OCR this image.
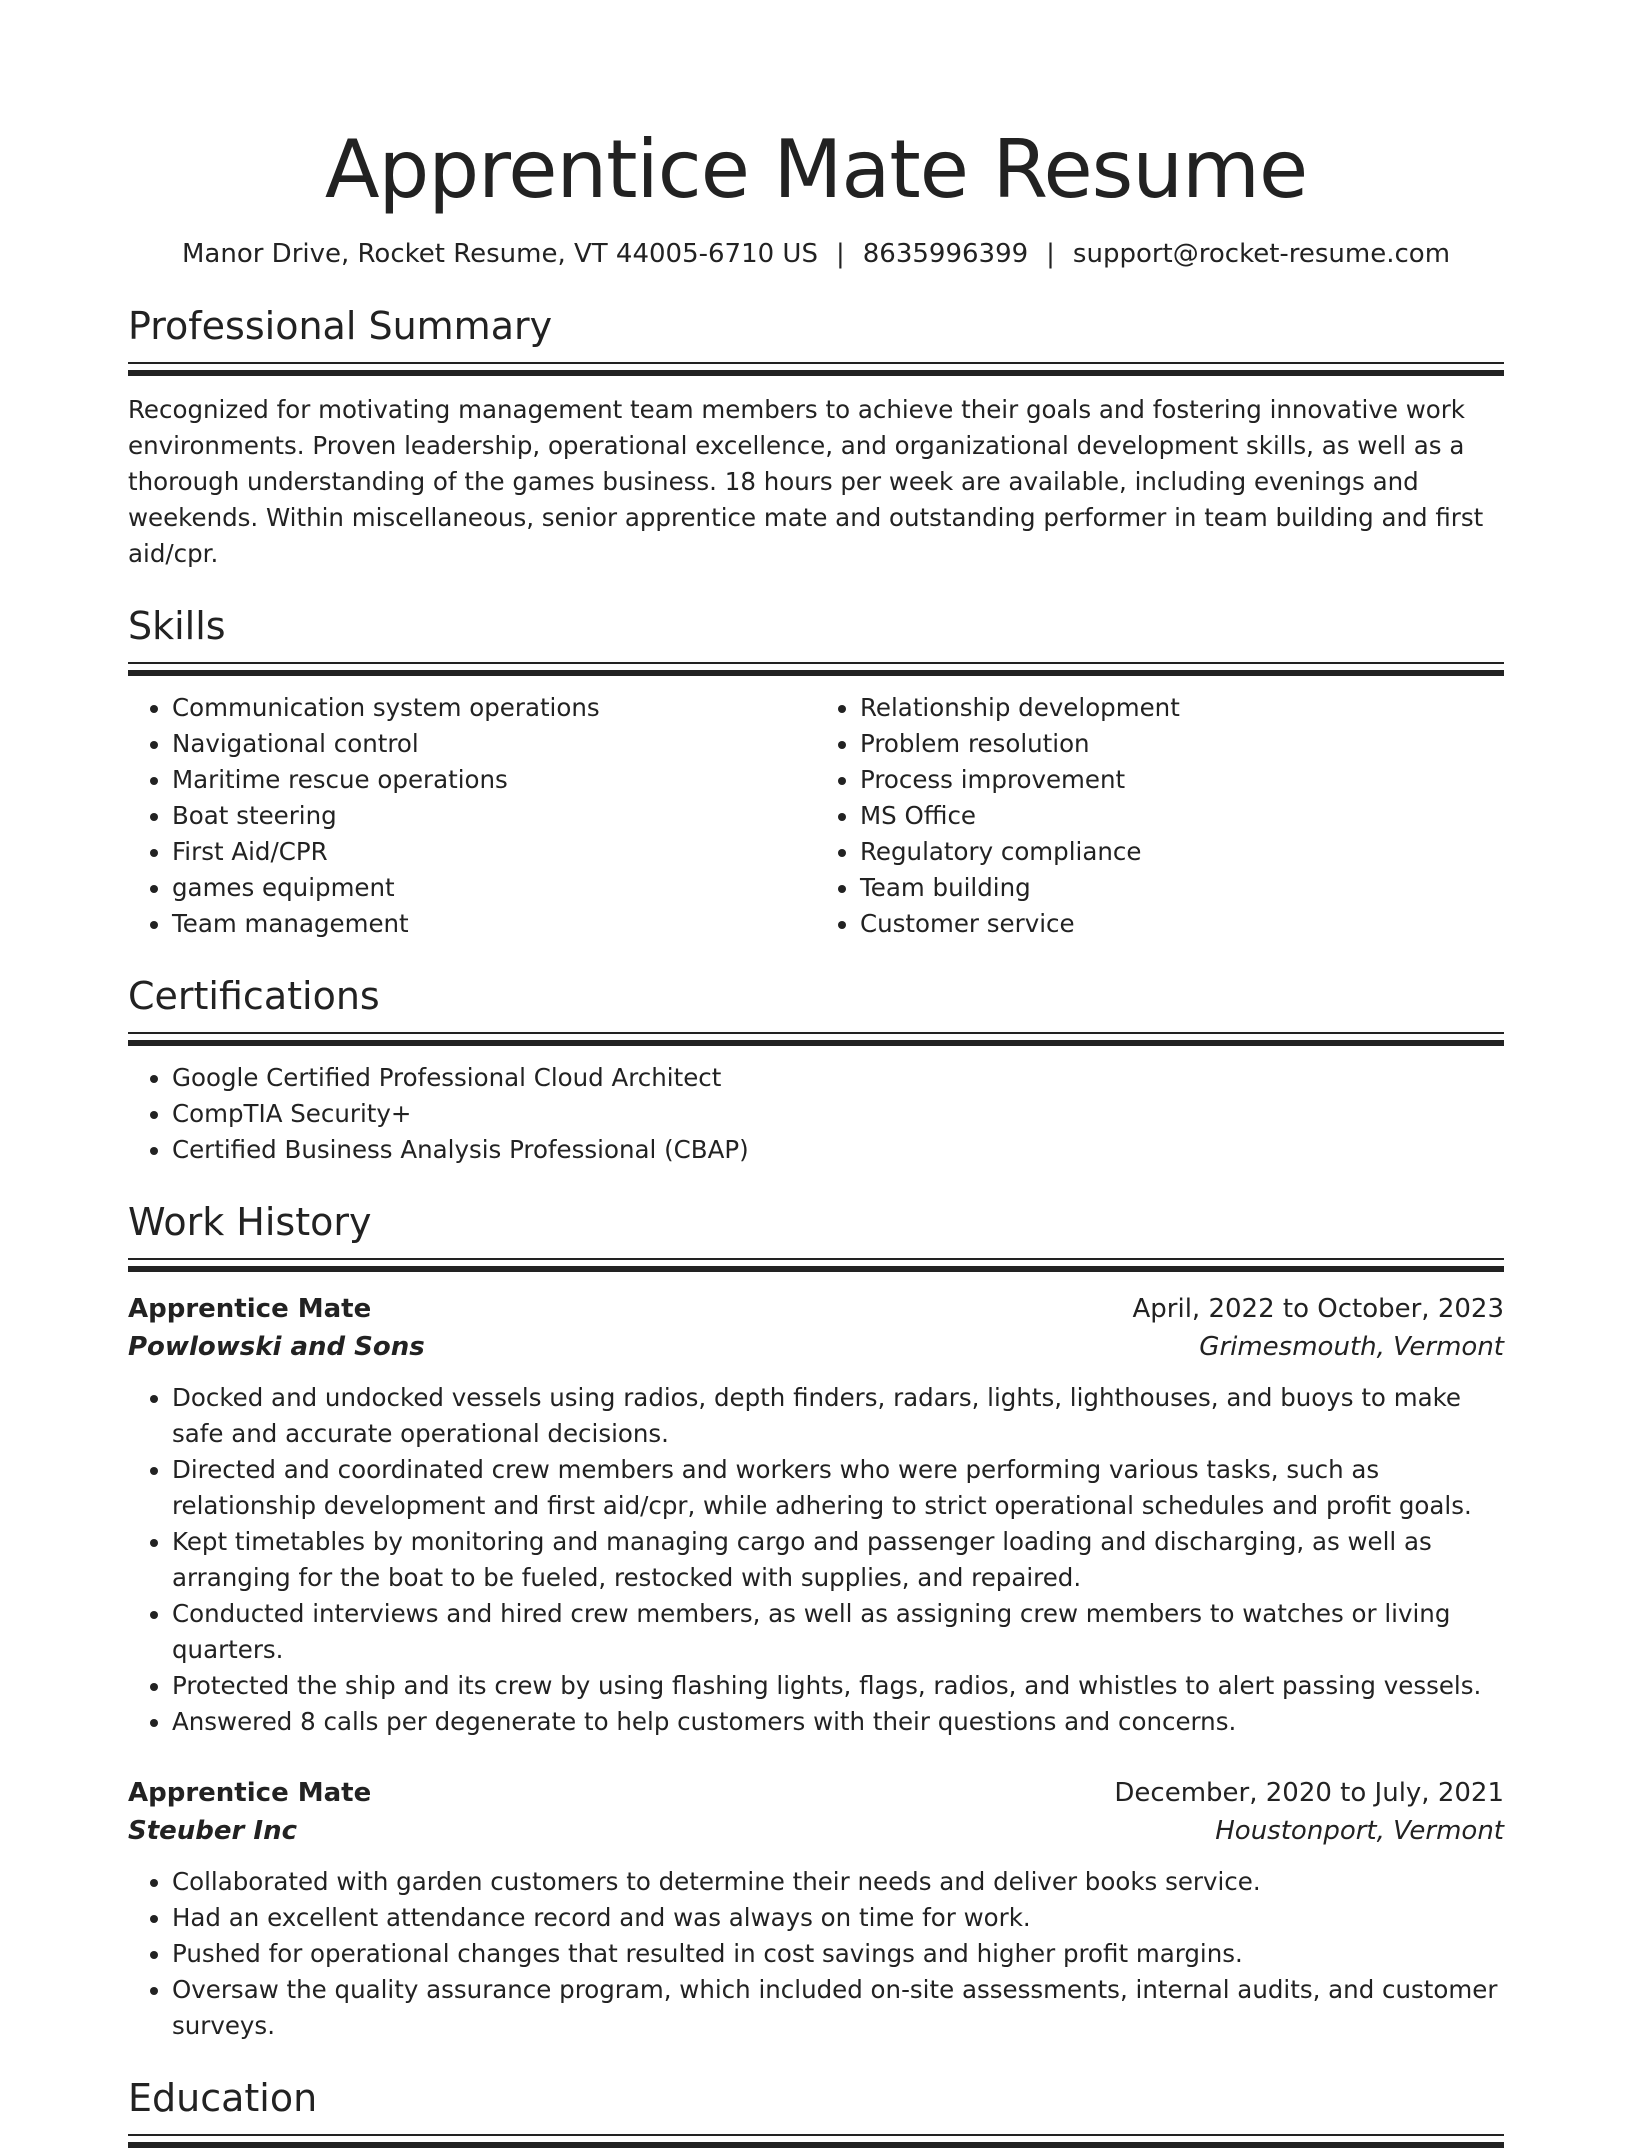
Apprentice Mate Resume
Manor Drive, Rocket Resume, VT 44005-6710 US | 8635996399 | support@rocket-resume.com
Professional Summary

Recognized for motivating management team members to achieve their goals and fostering innovative work environments. Proven leadership, operational excellence, and organizational development skills, as well as a thorough understanding of the games business. 18 hours per week are available, including evenings and weekends. Within miscellaneous, senior apprentice mate and outstanding performer in team building and first aid/cpr.

Skills
• Communication system operations
• Navigational control
• Maritime rescue operations
• Boat steering
• First Aid/CPR
• games equipment
• Team management
• Relationship development
• Problem resolution
• Process improvement
• MS Office
• Regulatory compliance
• Team building
• Customer service
Certifications
• Google Certified Professional Cloud Architect
• CompTIA Security+
• Certified Business Analysis Professional (CBAP)
Work History
Apprentice Mate	April, 2022 to October, 2023
Powlowski and Sons	Grimesmouth, Vermont
• Docked and undocked vessels using radios, depth finders, radars, lights, lighthouses, and buoys to make safe and accurate operational decisions.
• Directed and coordinated crew members and workers who were performing various tasks, such as relationship development and first aid/cpr, while adhering to strict operational schedules and profit goals.
• Kept timetables by monitoring and managing cargo and passenger loading and discharging, as well as arranging for the boat to be fueled, restocked with supplies, and repaired.
• Conducted interviews and hired crew members, as well as assigning crew members to watches or living quarters.
• Protected the ship and its crew by using flashing lights, flags, radios, and whistles to alert passing vessels.
• Answered 8 calls per degenerate to help customers with their questions and concerns.
Apprentice Mate	December, 2020 to July, 2021
Steuber Inc	Houstonport, Vermont
• Collaborated with garden customers to determine their needs and deliver books service.
• Had an excellent attendance record and was always on time for work.
• Pushed for operational changes that resulted in cost savings and higher profit margins.
• Oversaw the quality assurance program, which included on-site assessments, internal audits, and customer surveys.
Education
